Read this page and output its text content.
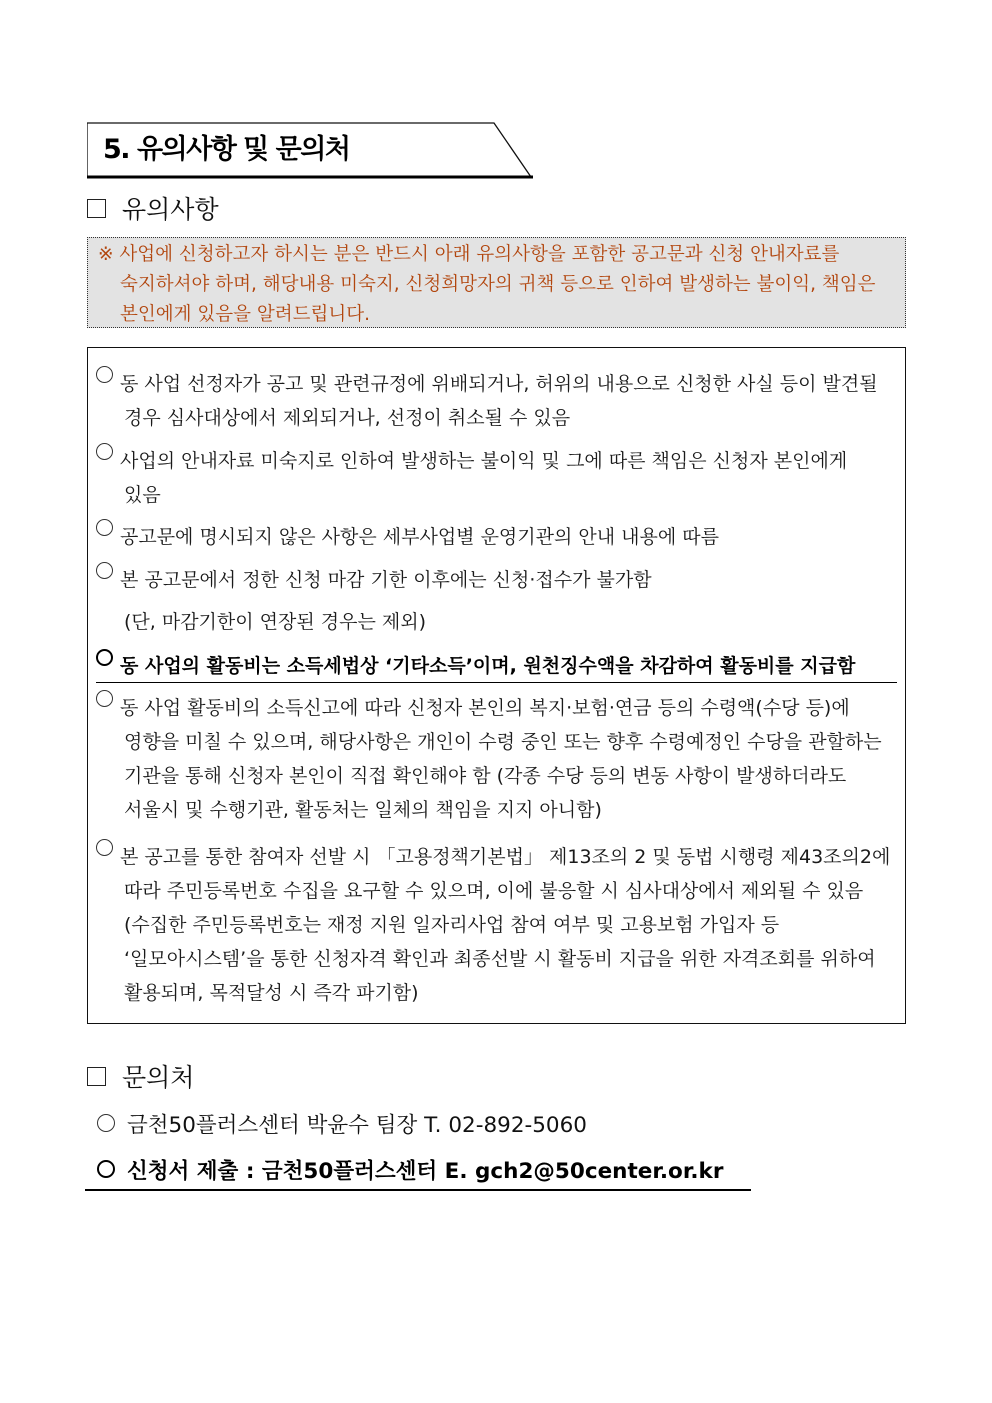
5. 유의사항 및 문의처
유의사항
※ 사업에 신청하고자 하시는 분은 반드시 아래 유의사항을 포함한 공고문과 신청 안내자료를
숙지하셔야 하며, 해당내용 미숙지, 신청희망자의 귀책 등으로 인하여 발생하는 불이익, 책임은
본인에게 있음을 알려드립니다.
동 사업 선정자가 공고 및 관련규정에 위배되거나, 허위의 내용으로 신청한 사실 등이 발견될
경우 심사대상에서 제외되거나, 선정이 취소될 수 있음
사업의 안내자료 미숙지로 인하여 발생하는 불이익 및 그에 따른 책임은 신청자 본인에게
있음
공고문에 명시되지 않은 사항은 세부사업별 운영기관의 안내 내용에 따름
본 공고문에서 정한 신청 마감 기한 이후에는 신청·접수가 불가함
(단, 마감기한이 연장된 경우는 제외)
동 사업의 활동비는 소득세법상 ‘기타소득’이며, 원천징수액을 차감하여 활동비를 지급함
동 사업 활동비의 소득신고에 따라 신청자 본인의 복지·보험·연금 등의 수령액(수당 등)에
영향을 미칠 수 있으며, 해당사항은 개인이 수령 중인 또는 향후 수령예정인 수당을 관할하는
기관을 통해 신청자 본인이 직접 확인해야 함 (각종 수당 등의 변동 사항이 발생하더라도
서울시 및 수행기관, 활동처는 일체의 책임을 지지 아니함)
본 공고를 통한 참여자 선발 시 「고용정책기본법」 제13조의 2 및 동법 시행령 제43조의2에
따라 주민등록번호 수집을 요구할 수 있으며, 이에 불응할 시 심사대상에서 제외될 수 있음
(수집한 주민등록번호는 재정 지원 일자리사업 참여 여부 및 고용보험 가입자 등
‘일모아시스템’을 통한 신청자격 확인과 최종선발 시 활동비 지급을 위한 자격조회를 위하여
활용되며, 목적달성 시 즉각 파기함)
문의처
금천50플러스센터 박윤수 팀장 T. 02-892-5060
신청서 제출 : 금천50플러스센터 E. gch2@50center.or.kr
